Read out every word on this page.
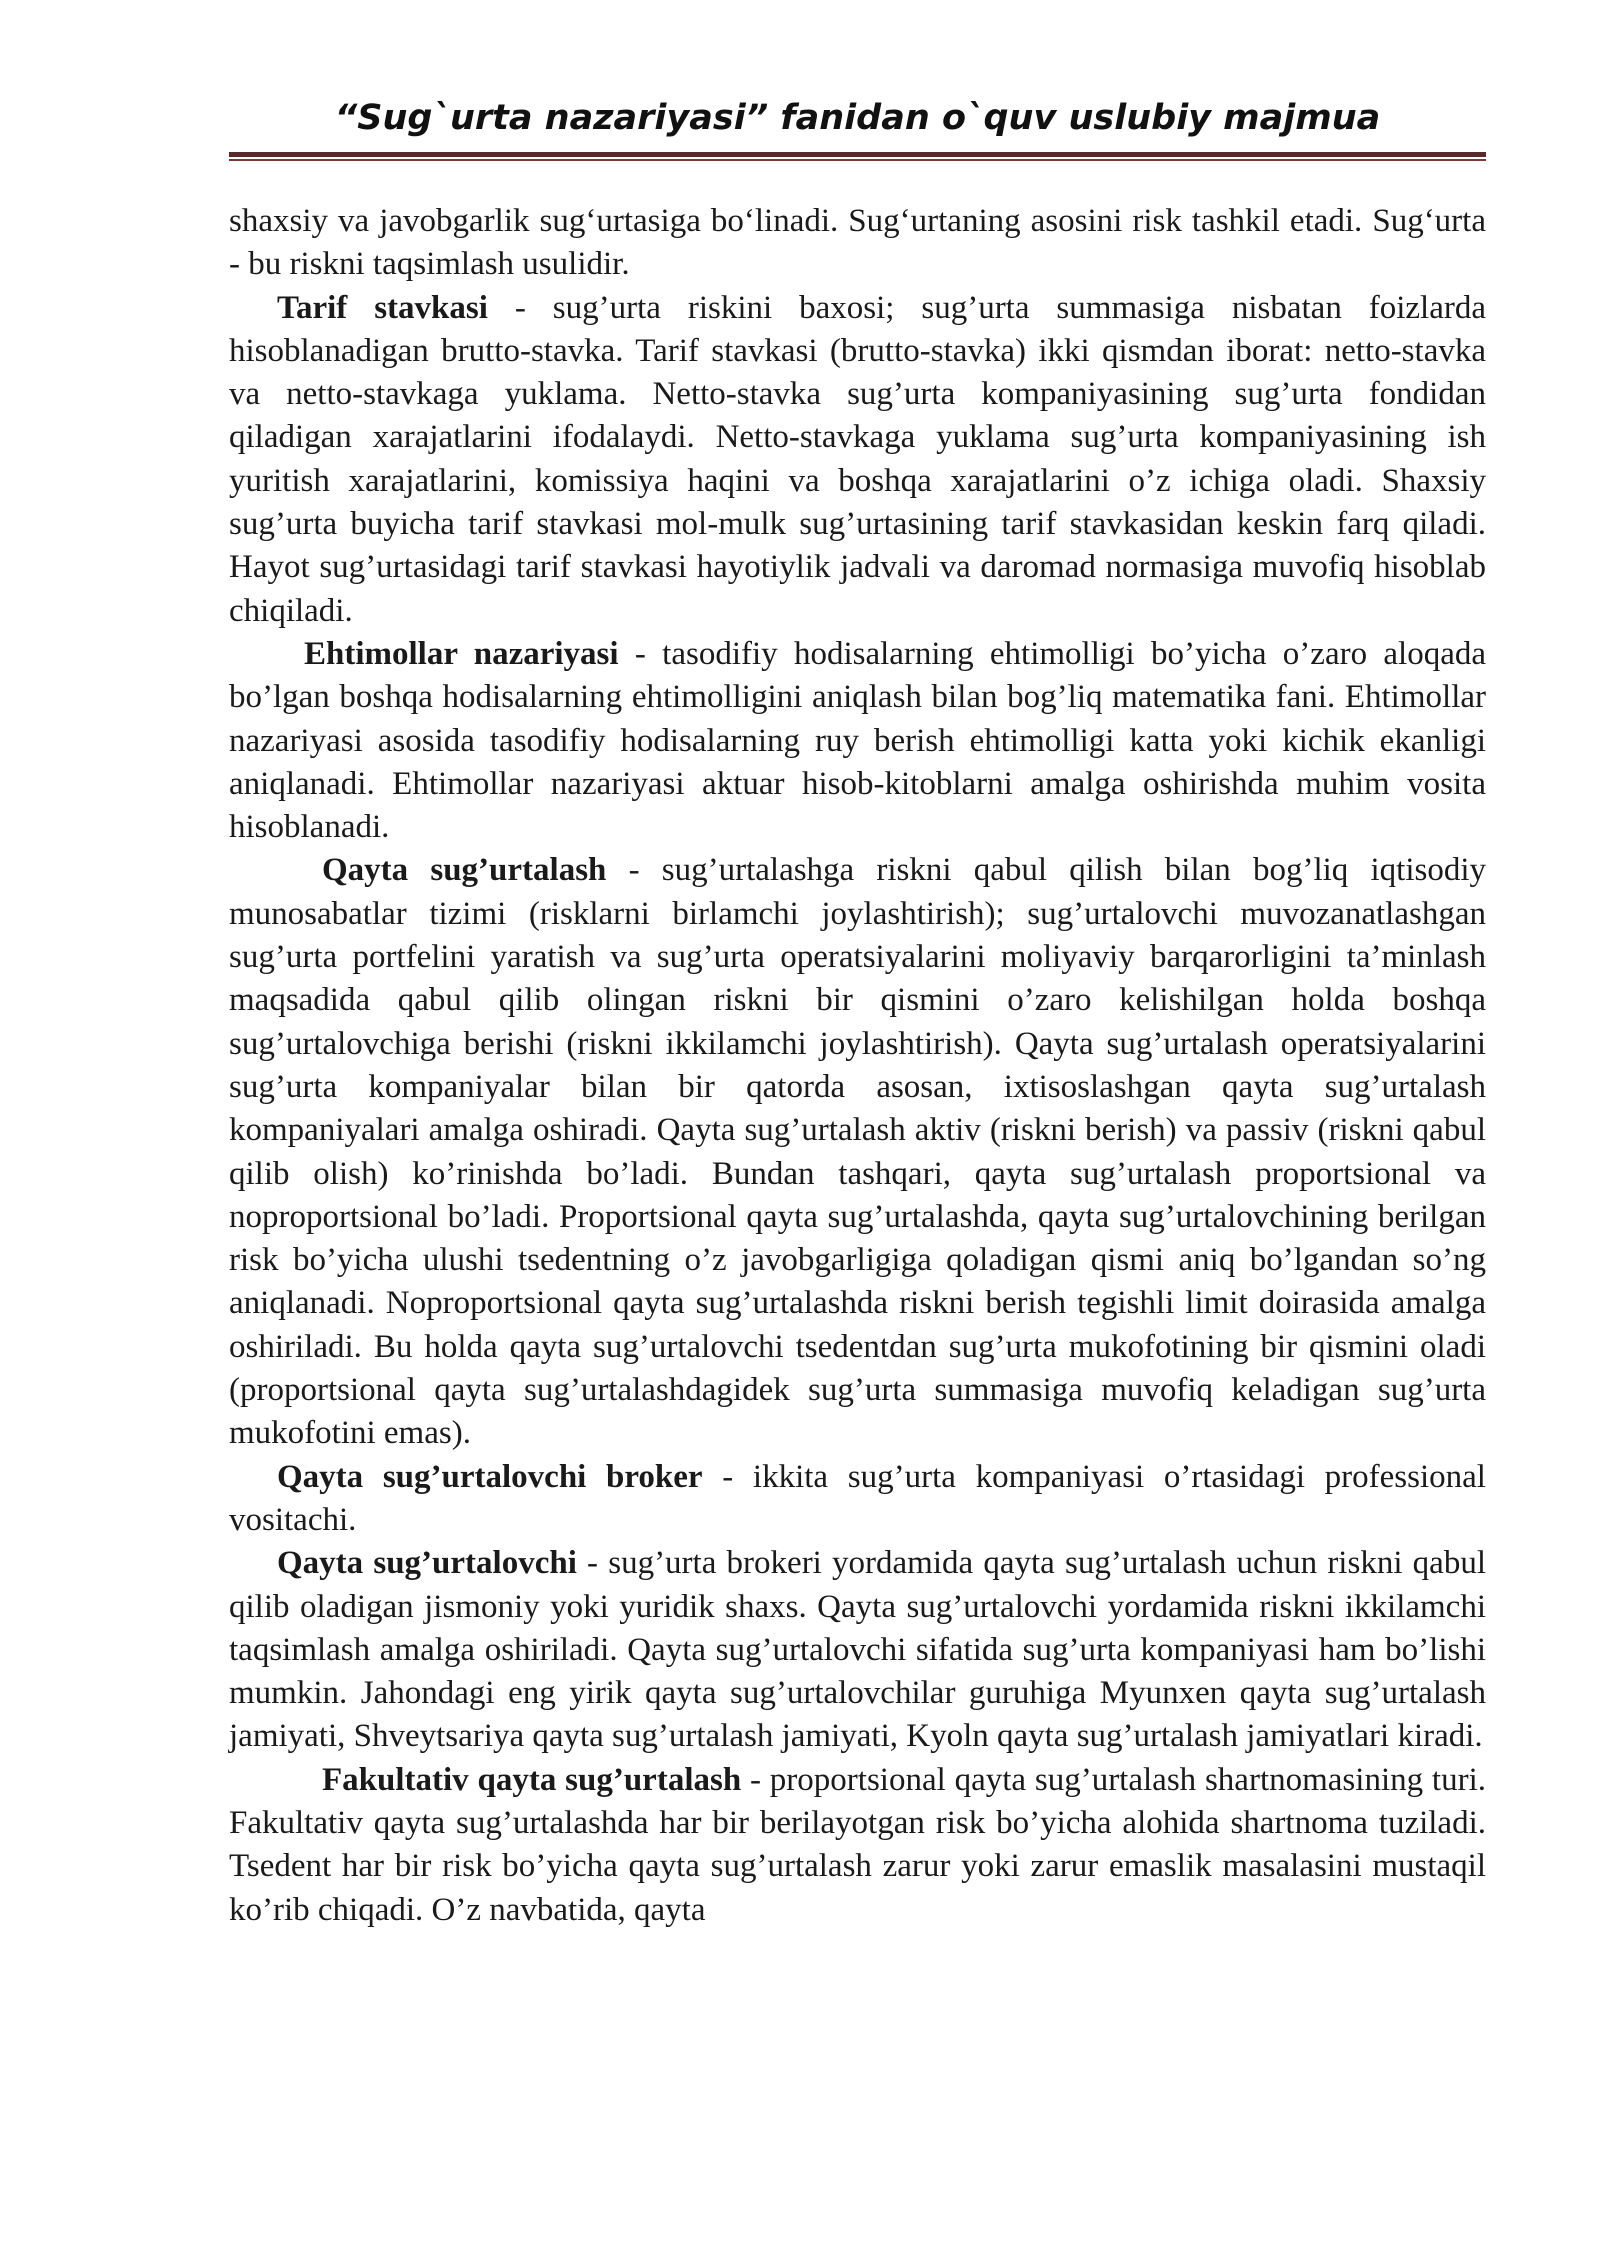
“Sug`urta nazariyasi” fanidan o`quv uslubiy majmua

shaxsiy va javobgarlik sug‘urtasiga bo‘linadi. Sug‘urtaning asosini risk tashkil etadi. Sug‘urta - bu riskni taqsimlash usulidir.

Tarif stavkasi - sug’urta riskini baxosi; sug’urta summasiga nisbatan foizlarda hisoblanadigan brutto-stavka. Tarif stavkasi (brutto-stavka) ikki qismdan iborat: netto-stavka va netto-stavkaga yuklama. Netto-stavka sug’urta kompaniyasining sug’urta fondidan qiladigan xarajatlarini ifodalaydi. Netto-stavkaga yuklama sug’urta kompaniyasining ish yuritish xarajatlarini, komissiya haqini va boshqa xarajatlarini o’z ichiga oladi. Shaxsiy sug’urta buyicha tarif stavkasi mol-mulk sug’urtasining tarif stavkasidan keskin farq qiladi. Hayot sug’urtasidagi tarif stavkasi hayotiylik jadvali va daromad normasiga muvofiq hisoblab chiqiladi.

Ehtimollar nazariyasi - tasodifiy hodisalarning ehtimolligi bo’yicha o’zaro aloqada bo’lgan boshqa hodisalarning ehtimolligini aniqlash bilan bog’liq matematika fani. Ehtimollar nazariyasi asosida tasodifiy hodisalarning ruy berish ehtimolligi katta yoki kichik ekanligi aniqlanadi. Ehtimollar nazariyasi aktuar hisob-kitoblarni amalga oshirishda muhim vosita hisoblanadi.

Qayta sug’urtalash - sug’urtalashga riskni qabul qilish bilan bog’liq iqtisodiy munosabatlar tizimi (risklarni birlamchi joylashtirish); sug’urtalovchi muvozanatlashgan sug’urta portfelini yaratish va sug’urta operatsiyalarini moliyaviy barqarorligini ta’minlash maqsadida qabul qilib olingan riskni bir qismini o’zaro kelishilgan holda boshqa sug’urtalovchiga berishi (riskni ikkilamchi joylashtirish). Qayta sug’urtalash operatsiyalarini sug’urta kompaniyalar bilan bir qatorda asosan, ixtisoslashgan qayta sug’urtalash kompaniyalari amalga oshiradi. Qayta sug’urtalash aktiv (riskni berish) va passiv (riskni qabul qilib olish) ko’rinishda bo’ladi. Bundan tashqari, qayta sug’urtalash proportsional va noproportsional bo’ladi. Proportsional qayta sug’urtalashda, qayta sug’urtalovchining berilgan risk bo’yicha ulushi tsedentning o’z javobgarligiga qoladigan qismi aniq bo’lgandan so’ng aniqlanadi. Noproportsional qayta sug’urtalashda riskni berish tegishli limit doirasida amalga oshiriladi. Bu holda qayta sug’urtalovchi tsedentdan sug’urta mukofotining bir qismini oladi (proportsional qayta sug’urtalashdagidek sug’urta summasiga muvofiq keladigan sug’urta mukofotini emas).

Qayta sug’urtalovchi broker - ikkita sug’urta kompaniyasi o’rtasidagi professional vositachi.

Qayta sug’urtalovchi - sug’urta brokeri yordamida qayta sug’urtalash uchun riskni qabul qilib oladigan jismoniy yoki yuridik shaxs. Qayta sug’urtalovchi yordamida riskni ikkilamchi taqsimlash amalga oshiriladi. Qayta sug’urtalovchi sifatida sug’urta kompaniyasi ham bo’lishi mumkin. Jahondagi eng yirik qayta sug’urtalovchilar guruhiga Myunxen qayta sug’urtalash jamiyati, Shveytsariya qayta sug’urtalash jamiyati, Kyoln qayta sug’urtalash jamiyatlari kiradi.

Fakultativ qayta sug’urtalash - proportsional qayta sug’urtalash shartnomasining turi. Fakultativ qayta sug’urtalashda har bir berilayotgan risk bo’yicha alohida shartnoma tuziladi. Tsedent har bir risk bo’yicha qayta sug’urtalash zarur yoki zarur emaslik masalasini mustaqil ko’rib chiqadi. O’z navbatida, qayta
